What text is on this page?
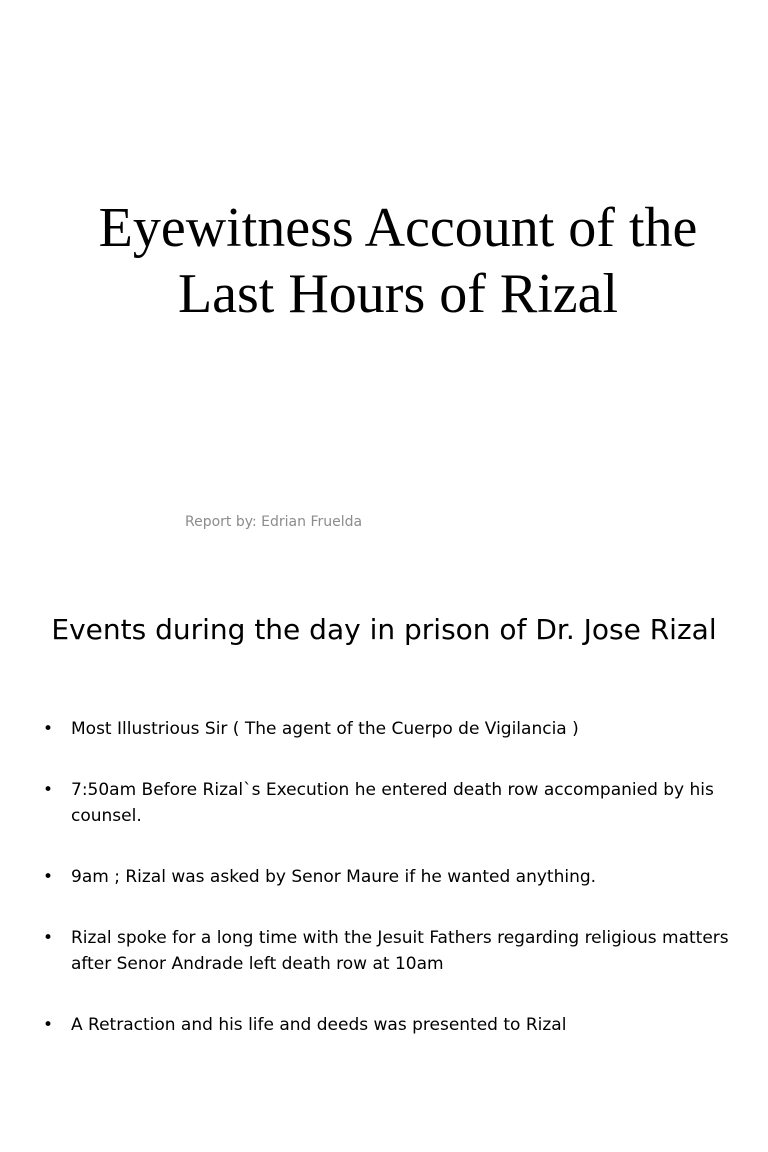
Eyewitness Account of the Last Hours of Rizal

Report by: Edrian Fruelda

Events during the day in prison of Dr. Jose Rizal
• Most Illustrious Sir ( The agent of the Cuerpo de Vigilancia )
• 7:50am Before Rizal`s Execution he entered death row accompanied by his counsel.
• 9am ; Rizal was asked by Senor Maure if he wanted anything.
• Rizal spoke for a long time with the Jesuit Fathers regarding religious matters after Senor Andrade left death row at 10am
• A Retraction and his life and deeds was presented to Rizal
